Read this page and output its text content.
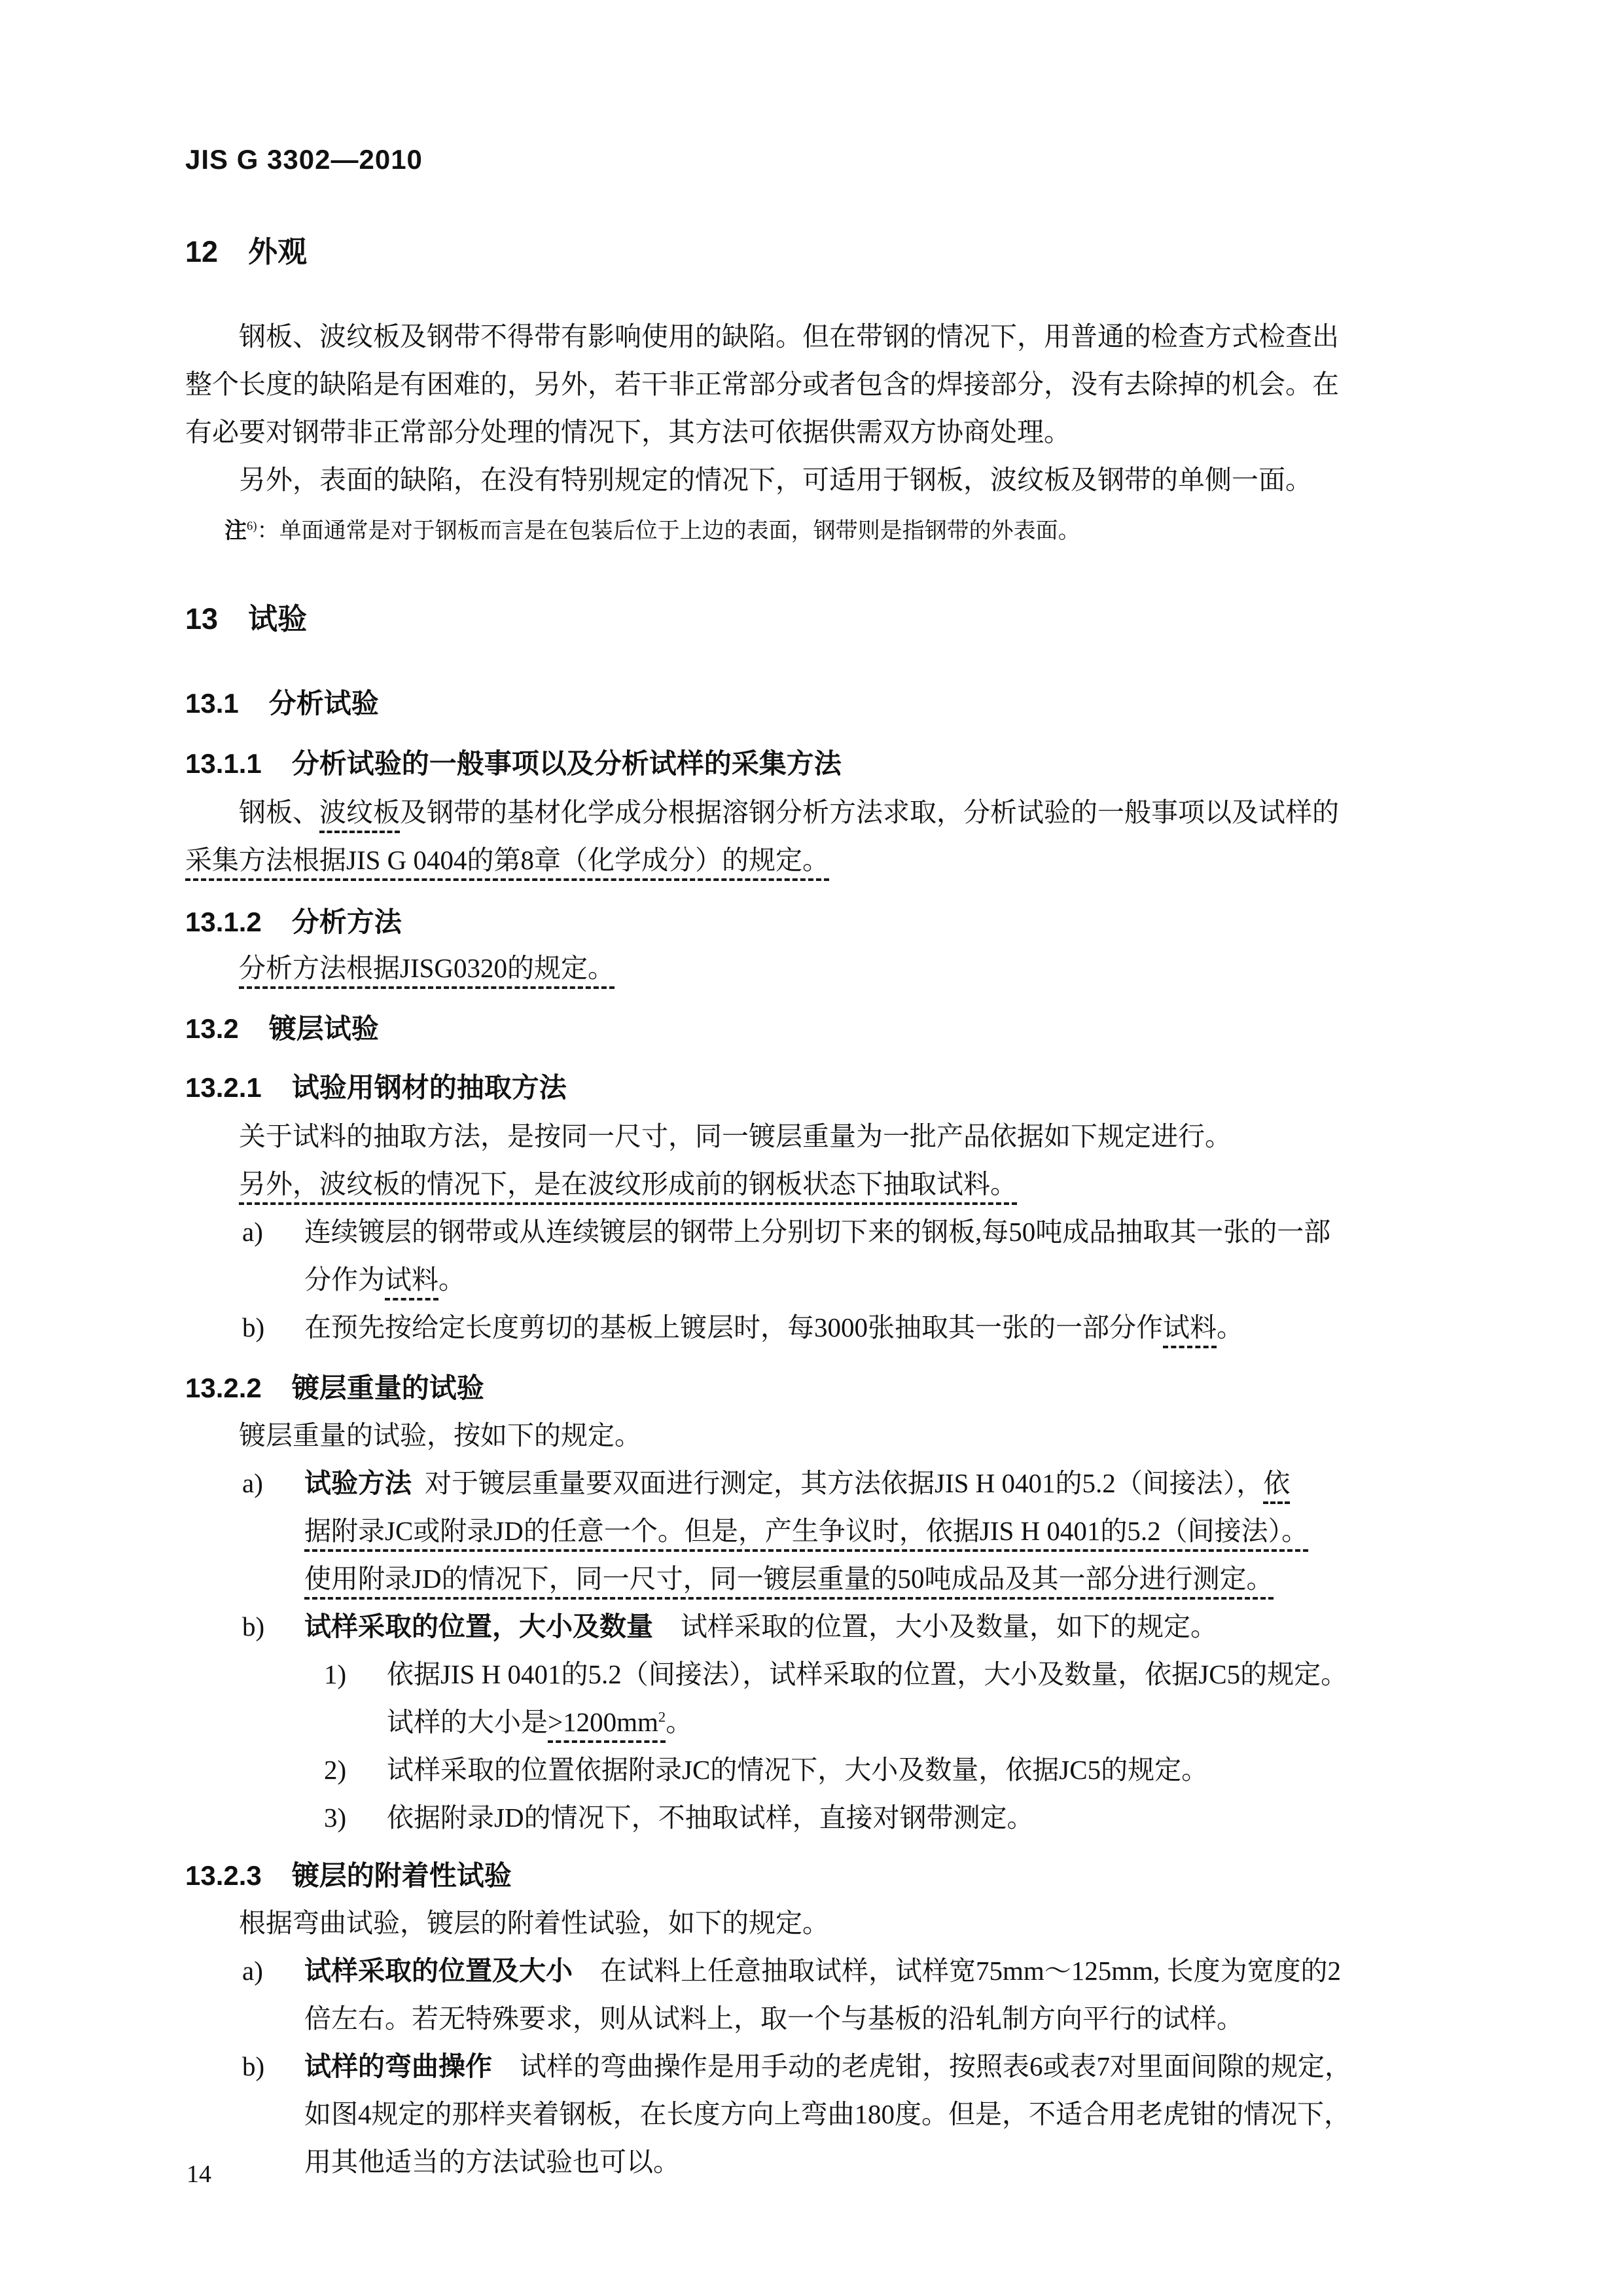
JIS G 3302—2010
12 外观
钢板、波纹板及钢带不得带有影响使用的缺陷。但在带钢的情况下，用普通的检查方式检查出
整个长度的缺陷是有困难的，另外，若干非正常部分或者包含的焊接部分，没有去除掉的机会。在
有必要对钢带非正常部分处理的情况下，其方法可依据供需双方协商处理。
另外，表面的缺陷，在没有特别规定的情况下，可适用于钢板，波纹板及钢带的单侧一面。
注$^{6)}$：单面通常是对于钢板而言是在包装后位于上边的表面，钢带则是指钢带的外表面。
13 试验
13.1 分析试验
13.1.1 分析试验的一般事项以及分析试样的采集方法
钢板、波纹板及钢带的基材化学成分根据溶钢分析方法求取，分析试验的一般事项以及试样的
采集方法根据JIS G 0404的第8章（化学成分）的规定。
13.1.2 分析方法
分析方法根据JISG0320的规定。
13.2 镀层试验
13.2.1 试验用钢材的抽取方法
关于试料的抽取方法，是按同一尺寸，同一镀层重量为一批产品依据如下规定进行。
另外，波纹板的情况下，是在波纹形成前的钢板状态下抽取试料。
a)	连续镀层的钢带或从连续镀层的钢带上分别切下来的钢板,每50吨成品抽取其一张的一部
分作为试料。
b)	在预先按给定长度剪切的基板上镀层时，每3000张抽取其一张的一部分作试料。
13.2.2 镀层重量的试验
镀层重量的试验，按如下的规定。
a)	试验方法 对于镀层重量要双面进行测定，其方法依据JIS H 0401的5.2（间接法），依
据附录JC或附录JD的任意一个。但是，产生争议时，依据JIS H 0401的5.2（间接法）。
使用附录JD的情况下，同一尺寸，同一镀层重量的50吨成品及其一部分进行测定。
b)	试样采取的位置，大小及数量 试样采取的位置，大小及数量，如下的规定。
1)	依据JIS H 0401的5.2（间接法），试样采取的位置，大小及数量，依据JC5的规定。
试样的大小是$>1200mm^2$。
2)	试样采取的位置依据附录JC的情况下，大小及数量，依据JC5的规定。
3)	依据附录JD的情况下，不抽取试样，直接对钢带测定。
13.2.3 镀层的附着性试验
根据弯曲试验，镀层的附着性试验，如下的规定。
a)	试样采取的位置及大小 在试料上任意抽取试样，试样宽75mm～125mm, 长度为宽度的2
倍左右。若无特殊要求，则从试料上，取一个与基板的沿轧制方向平行的试样。
b)	试样的弯曲操作 试样的弯曲操作是用手动的老虎钳，按照表6或表7对里面间隙的规定，
如图4规定的那样夹着钢板，在长度方向上弯曲180度。但是，不适合用老虎钳的情况下，
用其他适当的方法试验也可以。
14
